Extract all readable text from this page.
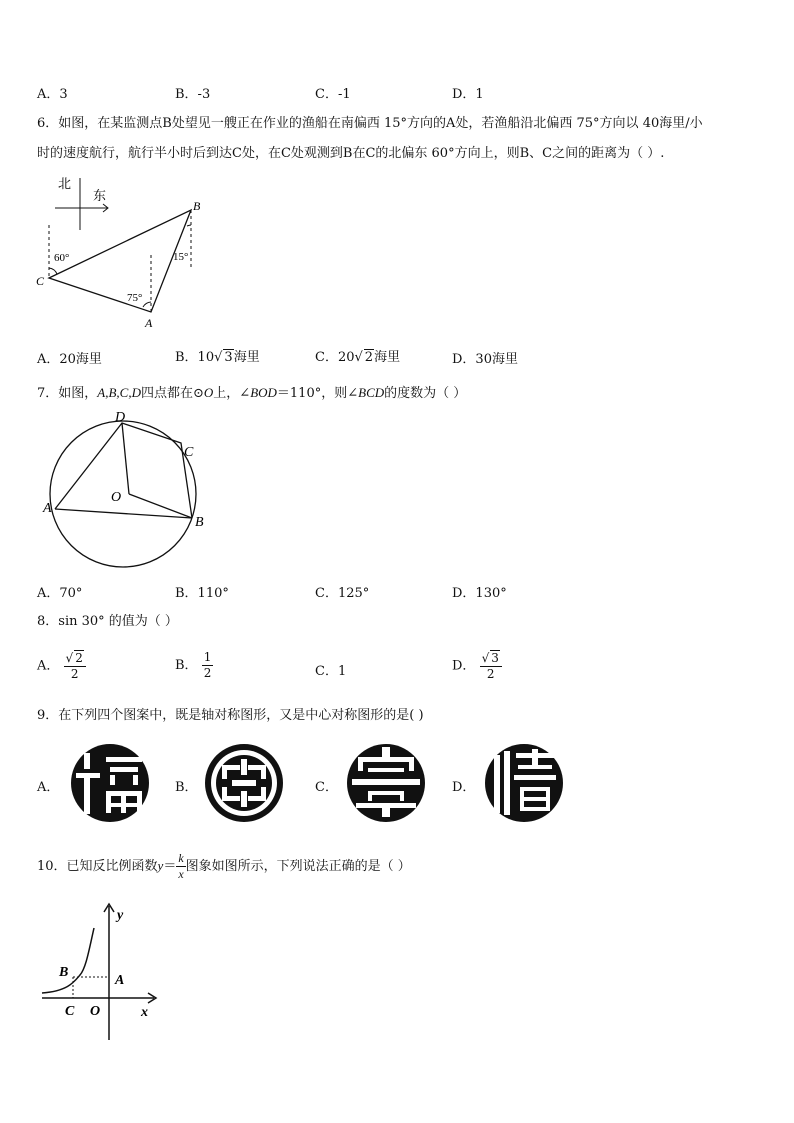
A．3	B．-3	C．-1	D．1
6．如图，在某监测点B处望见一艘正在作业的渔船在南偏西 15°方向的A处，若渔船沿北偏西 75°方向以 40海里/小
时的速度航行，航行半小时后到达C处，在C处观测到B在C的北偏东 60°方向上，则B、C之间的距离为（ ）.
北
东
B
C
A
60°	15°
75°
A．20海里	B．10√ 3海里	C．20√ 2海里	D．30海里
7．如图，A,B,C,D四点都在⊙O上，∠BOD＝110°，则∠BCD的度数为（ ）
A
B
C
D
O
A．70°	B．110°	C．125°	D．130°
8．sin 30° 的值为（ ）
A． $\frac{√ 2}{2}$	B． $\frac{1}{2}$	C．1	D． $\frac{√ 3}{2}$
9．在下列四个图案中，既是轴对称图形，又是中心对称图形的是( )
A．	B．	C．	D．
10．已知反比例函数$y= \frac{k}{x}$ 图象如图所示，下列说法正确的是（ ）
y
x
A
B
C O
